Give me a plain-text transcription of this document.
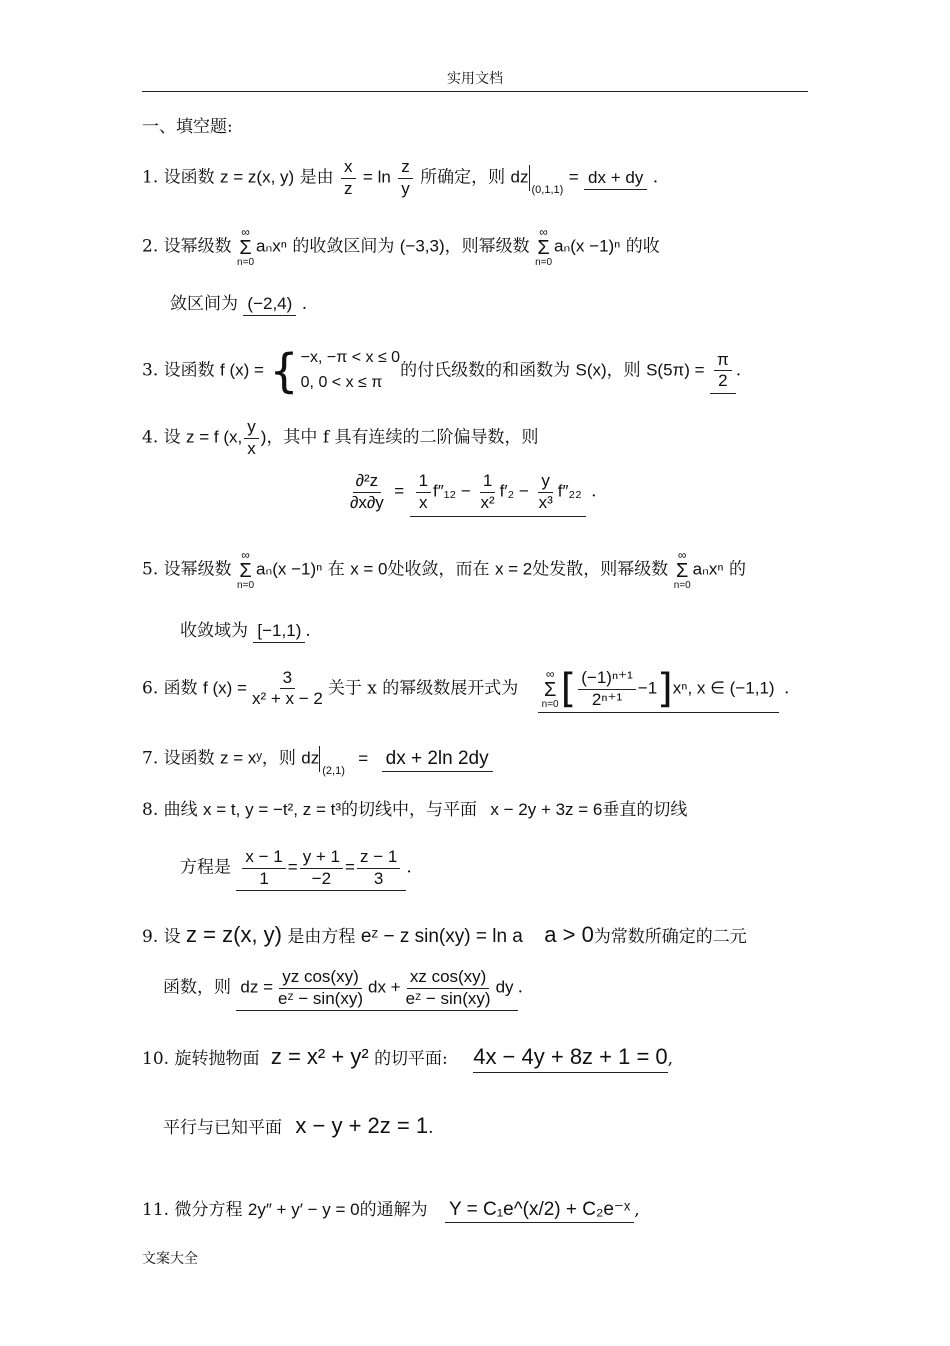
实用文档
一、填空题:
1. 设函数 z = z(x, y) 是由 $\frac{x}{z} = \ln \frac{z}{y}$ 所确定，则 $dz_{(0,1,1)}$ = dx + dy .
2. 设幂级数
∞
Σ
n=0
aₙxⁿ 的收敛区间为 (−3,3)，则幂级数
∞
Σ
n=0
aₙ(x −1)ⁿ 的收
敛区间为 (−2,4) .
3. 设函数 f (x) = { −x, −π < x ≤ 0
0, 0 < x ≤ π
的付氏级数的和函数为 S(x)，则 $S(5\pi) = \frac{\pi}{2}$ .
4. 设 z = f (x, $\frac{y}{x}$ )，其中 f 具有连续的二阶偏导数，则
$\frac{\text{∂²z}}{\partial x\partial y} = \frac{1}{x} f''_{12} - \frac{1}{\text{x²}} f'_2 - \frac{y}{\text{x³}} f''_{22}$ .
5. 设幂级数
∞
Σ
n=0
aₙ(x −1)ⁿ 在 x = 0处收敛，而在 x = 2处发散，则幂级数
∞
Σ
n=0
aₙxⁿ 的
收敛域为 [−1,1) .
6. 函数 f $(x) = \frac{3}{\text{x² + x − 2}}$ 关于 x 的幂级数展开式为
∞
Σ
n=0 [ $\frac{\text{(−1)ⁿ⁺¹}}{\text{2ⁿ⁺¹}} -1]x^n$, x ∈ (−1,1) .
7. 设函数 z = xʸ，则 $dz_{(2,1)}$ = dx + 2ln 2dy
8. 曲线 x = t, y = −t², z = t³的切线中，与平面 x − 2y + 3z = 6垂直的切线
方程是 $\frac{x - 1}{1} = \frac{y + 1}{-2} = \frac{z - 1}{3}$ .
9. 设 z = z(x, y) 是由方程 eᶻ − z sin(xy) = ln a a > 0为常数所确定的二元
函数，则 dz = $\frac{\text{yz cos(xy)}}{\text{eᶻ − sin(xy)}}$ dx + $\frac{\text{xz cos(xy)}}{\text{eᶻ − sin(xy)}}$ dy .
10. 旋转抛物面 z = x² + y² 的切平面: 4x − 4y + 8z + 1 = 0,
平行与已知平面 x − y + 2z = 1.
11. 微分方程 2y″ + y′ − y = 0的通解为 Y = C₁e^(x/2) + C₂e⁻ˣ ,
文案大全
